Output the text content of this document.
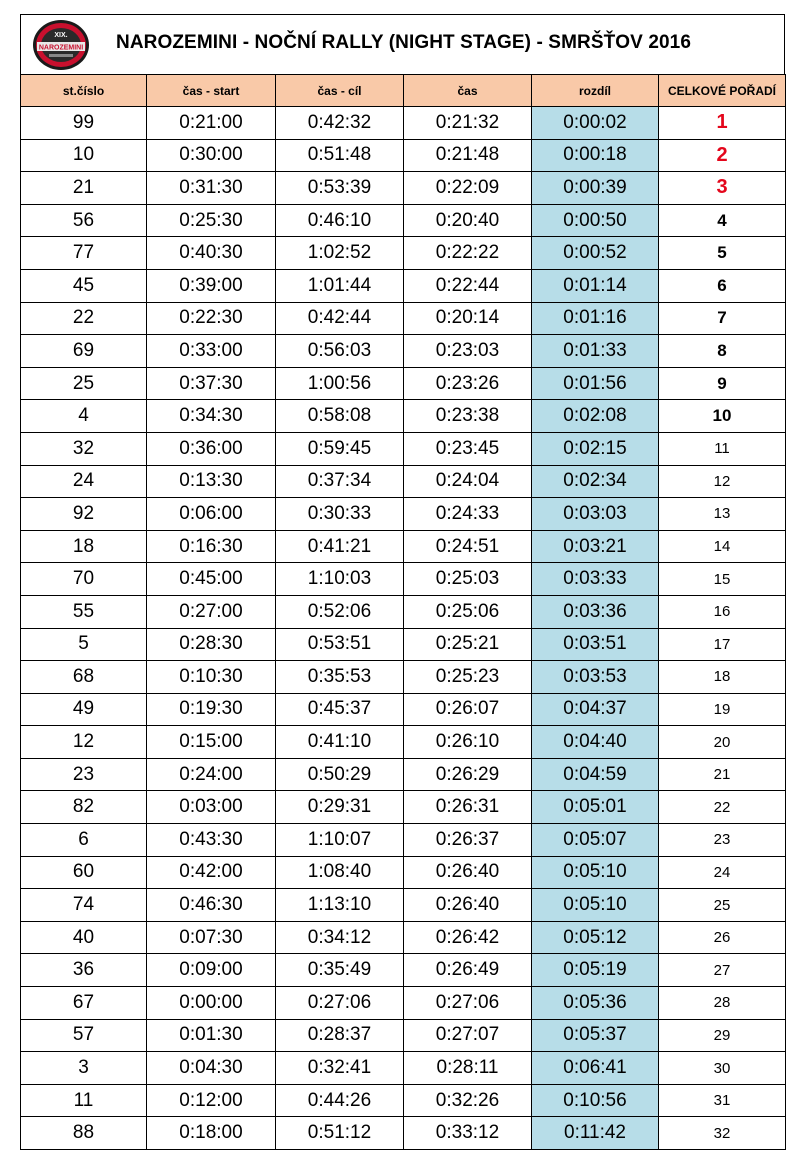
XIX.
NAROZEMINI NAROZEMINI - NOČNÍ RALLY (NIGHT STAGE) - SMRŠŤOV 2016
st.číslo	čas - start	čas - cíl	čas	rozdíl	CELKOVÉ POŘADÍ
99	0:21:00	0:42:32	0:21:32	0:00:02	1
10	0:30:00	0:51:48	0:21:48	0:00:18	2
21	0:31:30	0:53:39	0:22:09	0:00:39	3
56	0:25:30	0:46:10	0:20:40	0:00:50	4
77	0:40:30	1:02:52	0:22:22	0:00:52	5
45	0:39:00	1:01:44	0:22:44	0:01:14	6
22	0:22:30	0:42:44	0:20:14	0:01:16	7
69	0:33:00	0:56:03	0:23:03	0:01:33	8
25	0:37:30	1:00:56	0:23:26	0:01:56	9
4	0:34:30	0:58:08	0:23:38	0:02:08	10
32	0:36:00	0:59:45	0:23:45	0:02:15	11
24	0:13:30	0:37:34	0:24:04	0:02:34	12
92	0:06:00	0:30:33	0:24:33	0:03:03	13
18	0:16:30	0:41:21	0:24:51	0:03:21	14
70	0:45:00	1:10:03	0:25:03	0:03:33	15
55	0:27:00	0:52:06	0:25:06	0:03:36	16
5	0:28:30	0:53:51	0:25:21	0:03:51	17
68	0:10:30	0:35:53	0:25:23	0:03:53	18
49	0:19:30	0:45:37	0:26:07	0:04:37	19
12	0:15:00	0:41:10	0:26:10	0:04:40	20
23	0:24:00	0:50:29	0:26:29	0:04:59	21
82	0:03:00	0:29:31	0:26:31	0:05:01	22
6	0:43:30	1:10:07	0:26:37	0:05:07	23
60	0:42:00	1:08:40	0:26:40	0:05:10	24
74	0:46:30	1:13:10	0:26:40	0:05:10	25
40	0:07:30	0:34:12	0:26:42	0:05:12	26
36	0:09:00	0:35:49	0:26:49	0:05:19	27
67	0:00:00	0:27:06	0:27:06	0:05:36	28
57	0:01:30	0:28:37	0:27:07	0:05:37	29
3	0:04:30	0:32:41	0:28:11	0:06:41	30
11	0:12:00	0:44:26	0:32:26	0:10:56	31
88	0:18:00	0:51:12	0:33:12	0:11:42	32
